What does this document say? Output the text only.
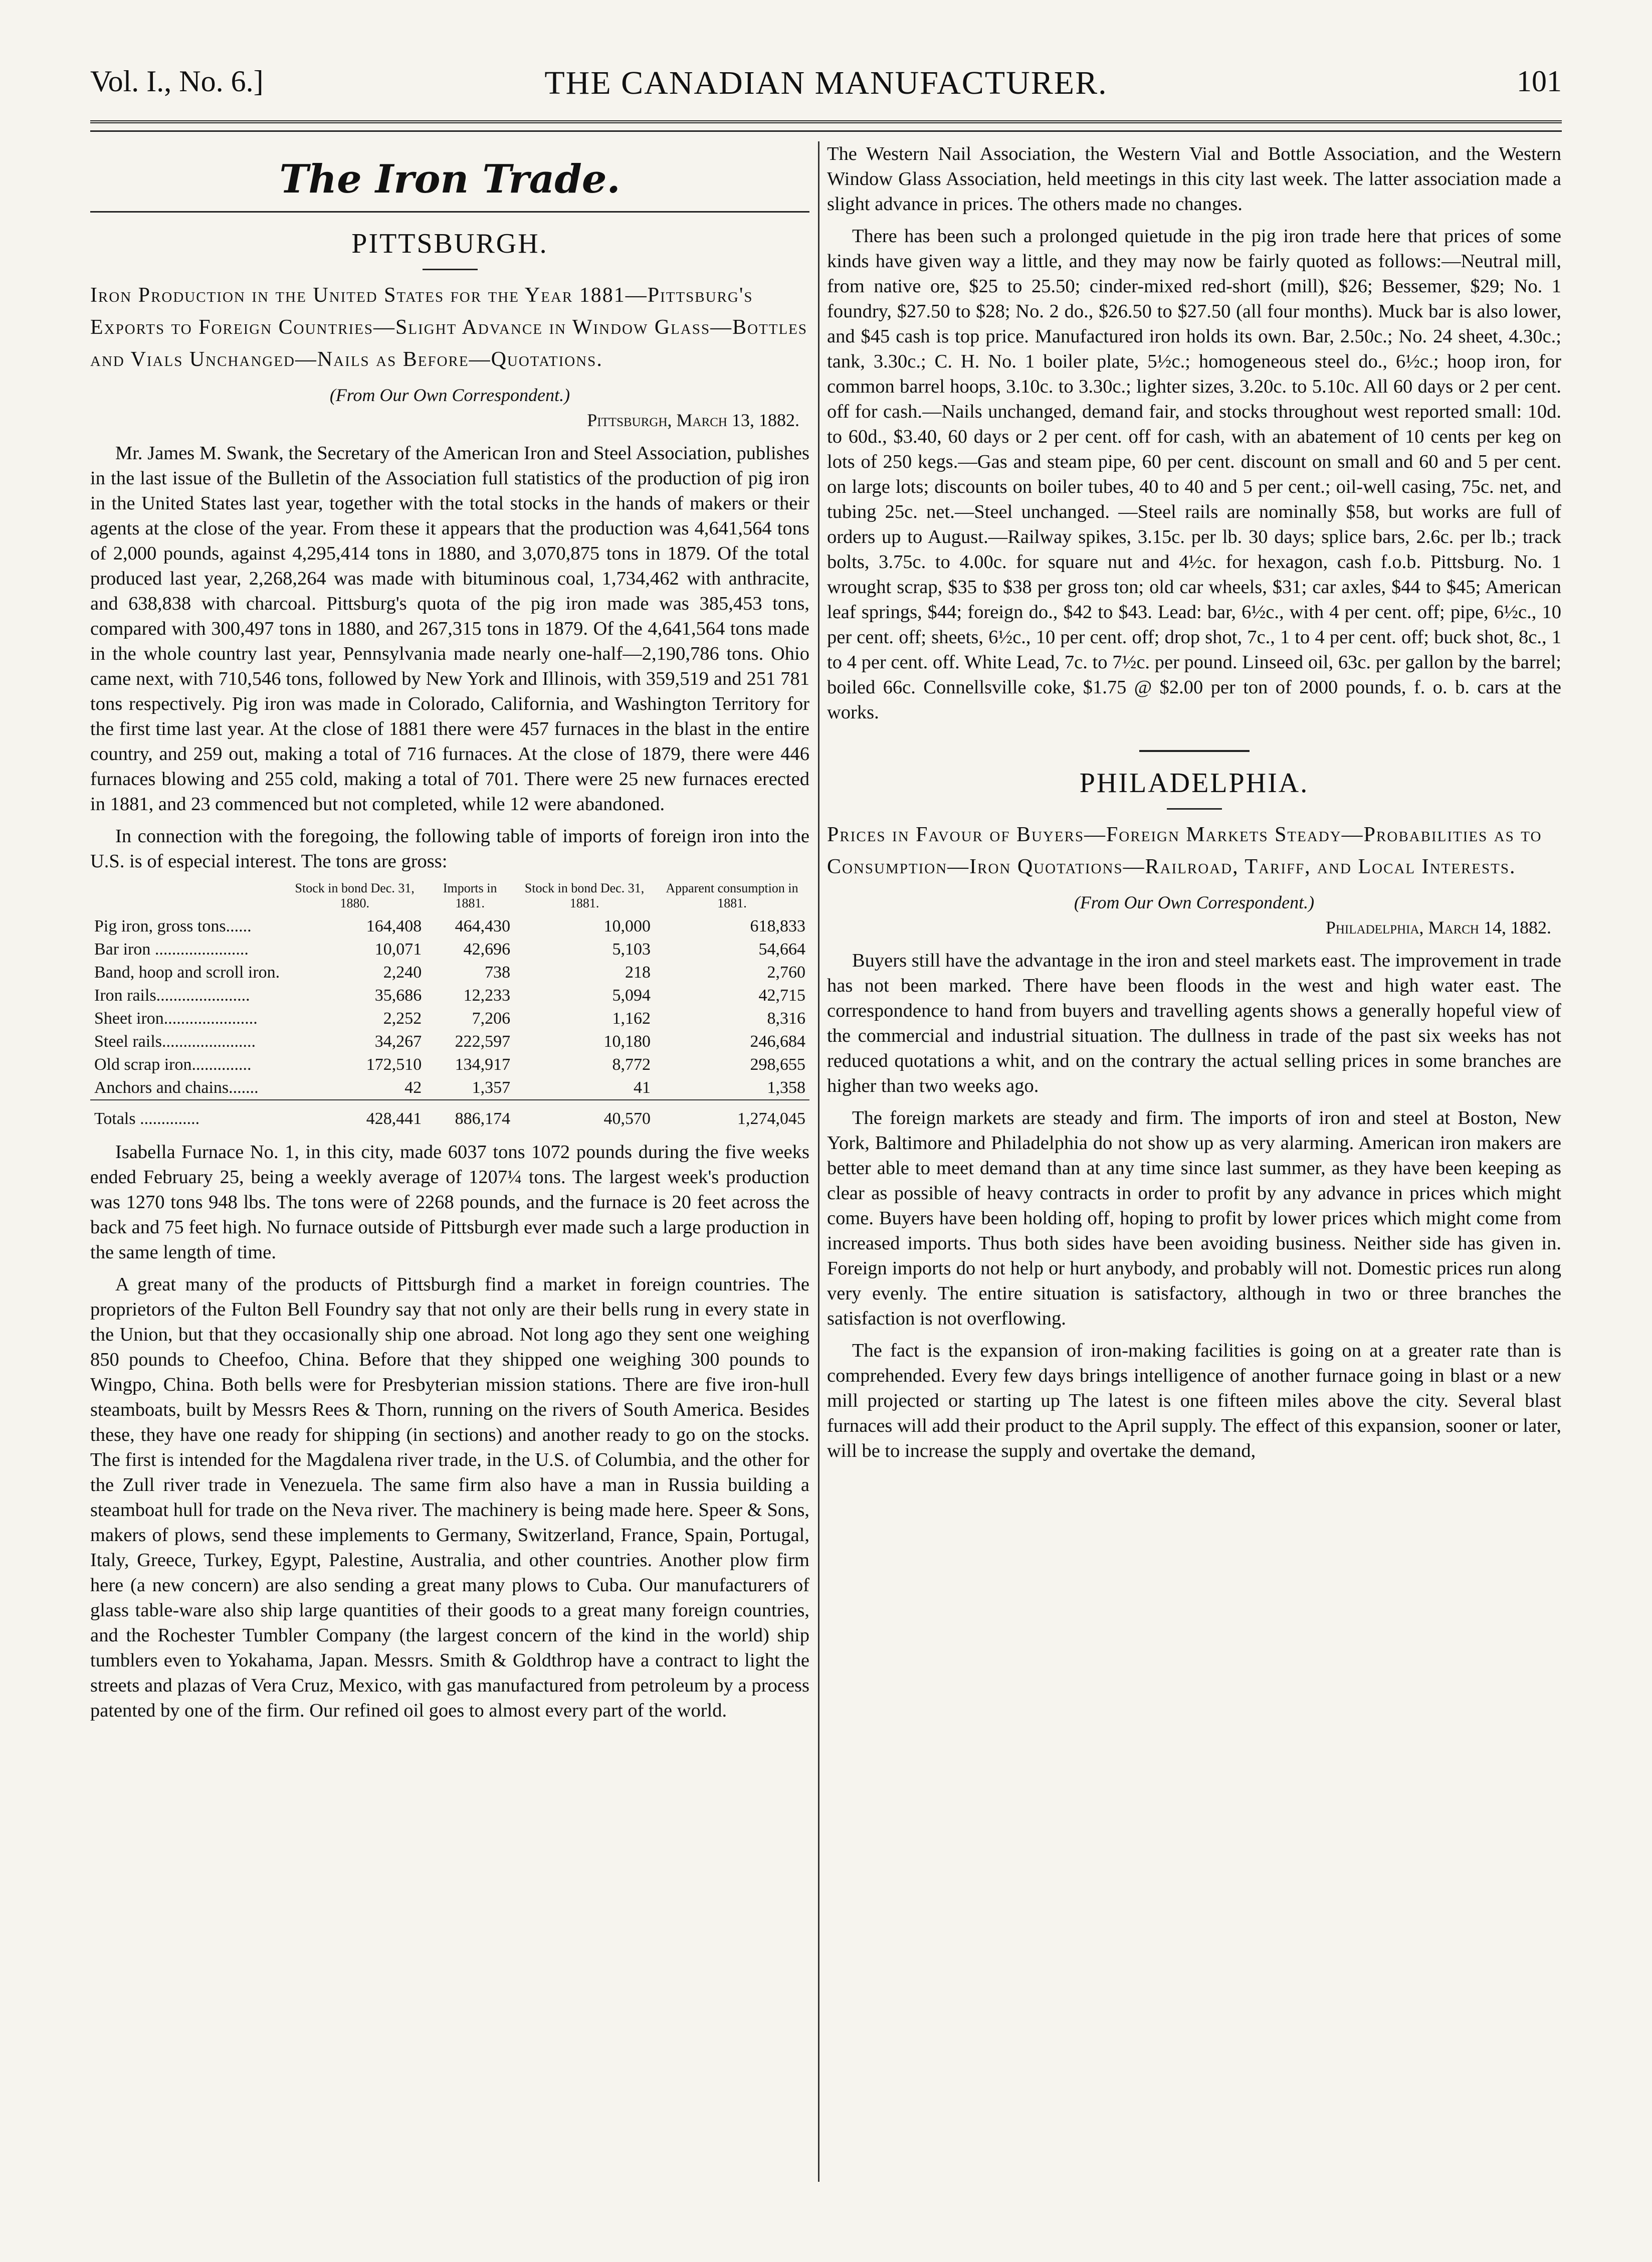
Vol. I., No. 6.]	THE CANADIAN MANUFACTURER.	101
The Iron Trade.
PITTSBURGH.
Iron Production in the United States for the Year 1881—Pittsburg's Exports to Foreign Countries—Slight Advance in Window Glass—Bottles and Vials Unchanged—Nails as Before—Quotations.
(From Our Own Correspondent.)
Pittsburgh, March 13, 1882.

Mr. James M. Swank, the Secretary of the American Iron and Steel Association, publishes in the last issue of the Bulletin of the Association full statistics of the production of pig iron in the United States last year, together with the total stocks in the hands of makers or their agents at the close of the year. From these it appears that the production was 4,641,564 tons of 2,000 pounds, against 4,295,414 tons in 1880, and 3,070,875 tons in 1879. Of the total produced last year, 2,268,264 was made with bituminous coal, 1,734,462 with anthracite, and 638,838 with charcoal. Pittsburg's quota of the pig iron made was 385,453 tons, compared with 300,497 tons in 1880, and 267,315 tons in 1879. Of the 4,641,564 tons made in the whole country last year, Pennsylvania made nearly one-half—2,190,786 tons. Ohio came next, with 710,546 tons, followed by New York and Illinois, with 359,519 and 251 781 tons respectively. Pig iron was made in Colorado, California, and Washington Territory for the first time last year. At the close of 1881 there were 457 furnaces in the blast in the entire country, and 259 out, making a total of 716 furnaces. At the close of 1879, there were 446 furnaces blowing and 255 cold, making a total of 701. There were 25 new furnaces erected in 1881, and 23 commenced but not completed, while 12 were abandoned.

In connection with the foregoing, the following table of imports of foreign iron into the U.S. is of especial interest. The tons are gross:

	Stock in bond Dec. 31, 1880.	Imports in 1881.	Stock in bond Dec. 31, 1881.	Apparent consumption in 1881.
Pig iron, gross tons......	164,408	464,430	10,000	618,833
Bar iron ......................	10,071	42,696	5,103	54,664
Band, hoop and scroll iron.	2,240	738	218	2,760
Iron rails......................	35,686	12,233	5,094	42,715
Sheet iron......................	2,252	7,206	1,162	8,316
Steel rails......................	34,267	222,597	10,180	246,684
Old scrap iron..............	172,510	134,917	8,772	298,655
Anchors and chains.......	42	1,357	41	1,358
Totals ..............	428,441	886,174	40,570	1,274,045

Isabella Furnace No. 1, in this city, made 6037 tons 1072 pounds during the five weeks ended February 25, being a weekly average of 1207¼ tons. The largest week's production was 1270 tons 948 lbs. The tons were of 2268 pounds, and the furnace is 20 feet across the back and 75 feet high. No furnace outside of Pittsburgh ever made such a large production in the same length of time.

A great many of the products of Pittsburgh find a market in foreign countries. The proprietors of the Fulton Bell Foundry say that not only are their bells rung in every state in the Union, but that they occasionally ship one abroad. Not long ago they sent one weighing 850 pounds to Cheefoo, China. Before that they shipped one weighing 300 pounds to Wingpo, China. Both bells were for Presbyterian mission stations. There are five iron-hull steamboats, built by Messrs Rees & Thorn, running on the rivers of South America. Besides these, they have one ready for shipping (in sections) and another ready to go on the stocks. The first is intended for the Magdalena river trade, in the U.S. of Columbia, and the other for the Zull river trade in Venezuela. The same firm also have a man in Russia building a steamboat hull for trade on the Neva river. The machinery is being made here. Speer & Sons, makers of plows, send these implements to Germany, Switzerland, France, Spain, Portugal, Italy, Greece, Turkey, Egypt, Palestine, Australia, and other countries. Another plow firm here (a new concern) are also sending a great many plows to Cuba. Our manufacturers of glass table-ware also ship large quantities of their goods to a great many foreign countries, and the Rochester Tumbler Company (the largest concern of the kind in the world) ship tumblers even to Yokahama, Japan. Messrs. Smith & Goldthrop have a contract to light the streets and plazas of Vera Cruz, Mexico, with gas manufactured from petroleum by a process patented by one of the firm. Our refined oil goes to almost every part of the world.

The Western Nail Association, the Western Vial and Bottle Association, and the Western Window Glass Association, held meetings in this city last week. The latter association made a slight advance in prices. The others made no changes.

There has been such a prolonged quietude in the pig iron trade here that prices of some kinds have given way a little, and they may now be fairly quoted as follows:—Neutral mill, from native ore, $25 to 25.50; cinder-mixed red-short (mill), $26; Bessemer, $29; No. 1 foundry, $27.50 to $28; No. 2 do., $26.50 to $27.50 (all four months). Muck bar is also lower, and $45 cash is top price. Manufactured iron holds its own. Bar, 2.50c.; No. 24 sheet, 4.30c.; tank, 3.30c.; C. H. No. 1 boiler plate, 5½c.; homogeneous steel do., 6½c.; hoop iron, for common barrel hoops, 3.10c. to 3.30c.; lighter sizes, 3.20c. to 5.10c. All 60 days or 2 per cent. off for cash.—Nails unchanged, demand fair, and stocks throughout west reported small: 10d. to 60d., $3.40, 60 days or 2 per cent. off for cash, with an abatement of 10 cents per keg on lots of 250 kegs.—Gas and steam pipe, 60 per cent. discount on small and 60 and 5 per cent. on large lots; discounts on boiler tubes, 40 to 40 and 5 per cent.; oil-well casing, 75c. net, and tubing 25c. net.—Steel unchanged. —Steel rails are nominally $58, but works are full of orders up to August.—Railway spikes, 3.15c. per lb. 30 days; splice bars, 2.6c. per lb.; track bolts, 3.75c. to 4.00c. for square nut and 4½c. for hexagon, cash f.o.b. Pittsburg. No. 1 wrought scrap, $35 to $38 per gross ton; old car wheels, $31; car axles, $44 to $45; American leaf springs, $44; foreign do., $42 to $43. Lead: bar, 6½c., with 4 per cent. off; pipe, 6½c., 10 per cent. off; sheets, 6½c., 10 per cent. off; drop shot, 7c., 1 to 4 per cent. off; buck shot, 8c., 1 to 4 per cent. off. White Lead, 7c. to 7½c. per pound. Linseed oil, 63c. per gallon by the barrel; boiled 66c. Connellsville coke, $1.75 @ $2.00 per ton of 2000 pounds, f. o. b. cars at the works.

PHILADELPHIA.
Prices in Favour of Buyers—Foreign Markets Steady—Probabilities as to Consumption—Iron Quotations—Railroad, Tariff, and Local Interests.
(From Our Own Correspondent.)
Philadelphia, March 14, 1882.

Buyers still have the advantage in the iron and steel markets east. The improvement in trade has not been marked. There have been floods in the west and high water east. The correspondence to hand from buyers and travelling agents shows a generally hopeful view of the commercial and industrial situation. The dullness in trade of the past six weeks has not reduced quotations a whit, and on the contrary the actual selling prices in some branches are higher than two weeks ago.

The foreign markets are steady and firm. The imports of iron and steel at Boston, New York, Baltimore and Philadelphia do not show up as very alarming. American iron makers are better able to meet demand than at any time since last summer, as they have been keeping as clear as possible of heavy contracts in order to profit by any advance in prices which might come. Buyers have been holding off, hoping to profit by lower prices which might come from increased imports. Thus both sides have been avoiding business. Neither side has given in. Foreign imports do not help or hurt anybody, and probably will not. Domestic prices run along very evenly. The entire situation is satisfactory, although in two or three branches the satisfaction is not overflowing.

The fact is the expansion of iron-making facilities is going on at a greater rate than is comprehended. Every few days brings intelligence of another furnace going in blast or a new mill projected or starting up The latest is one fifteen miles above the city. Several blast furnaces will add their product to the April supply. The effect of this expansion, sooner or later, will be to increase the supply and overtake the demand,
